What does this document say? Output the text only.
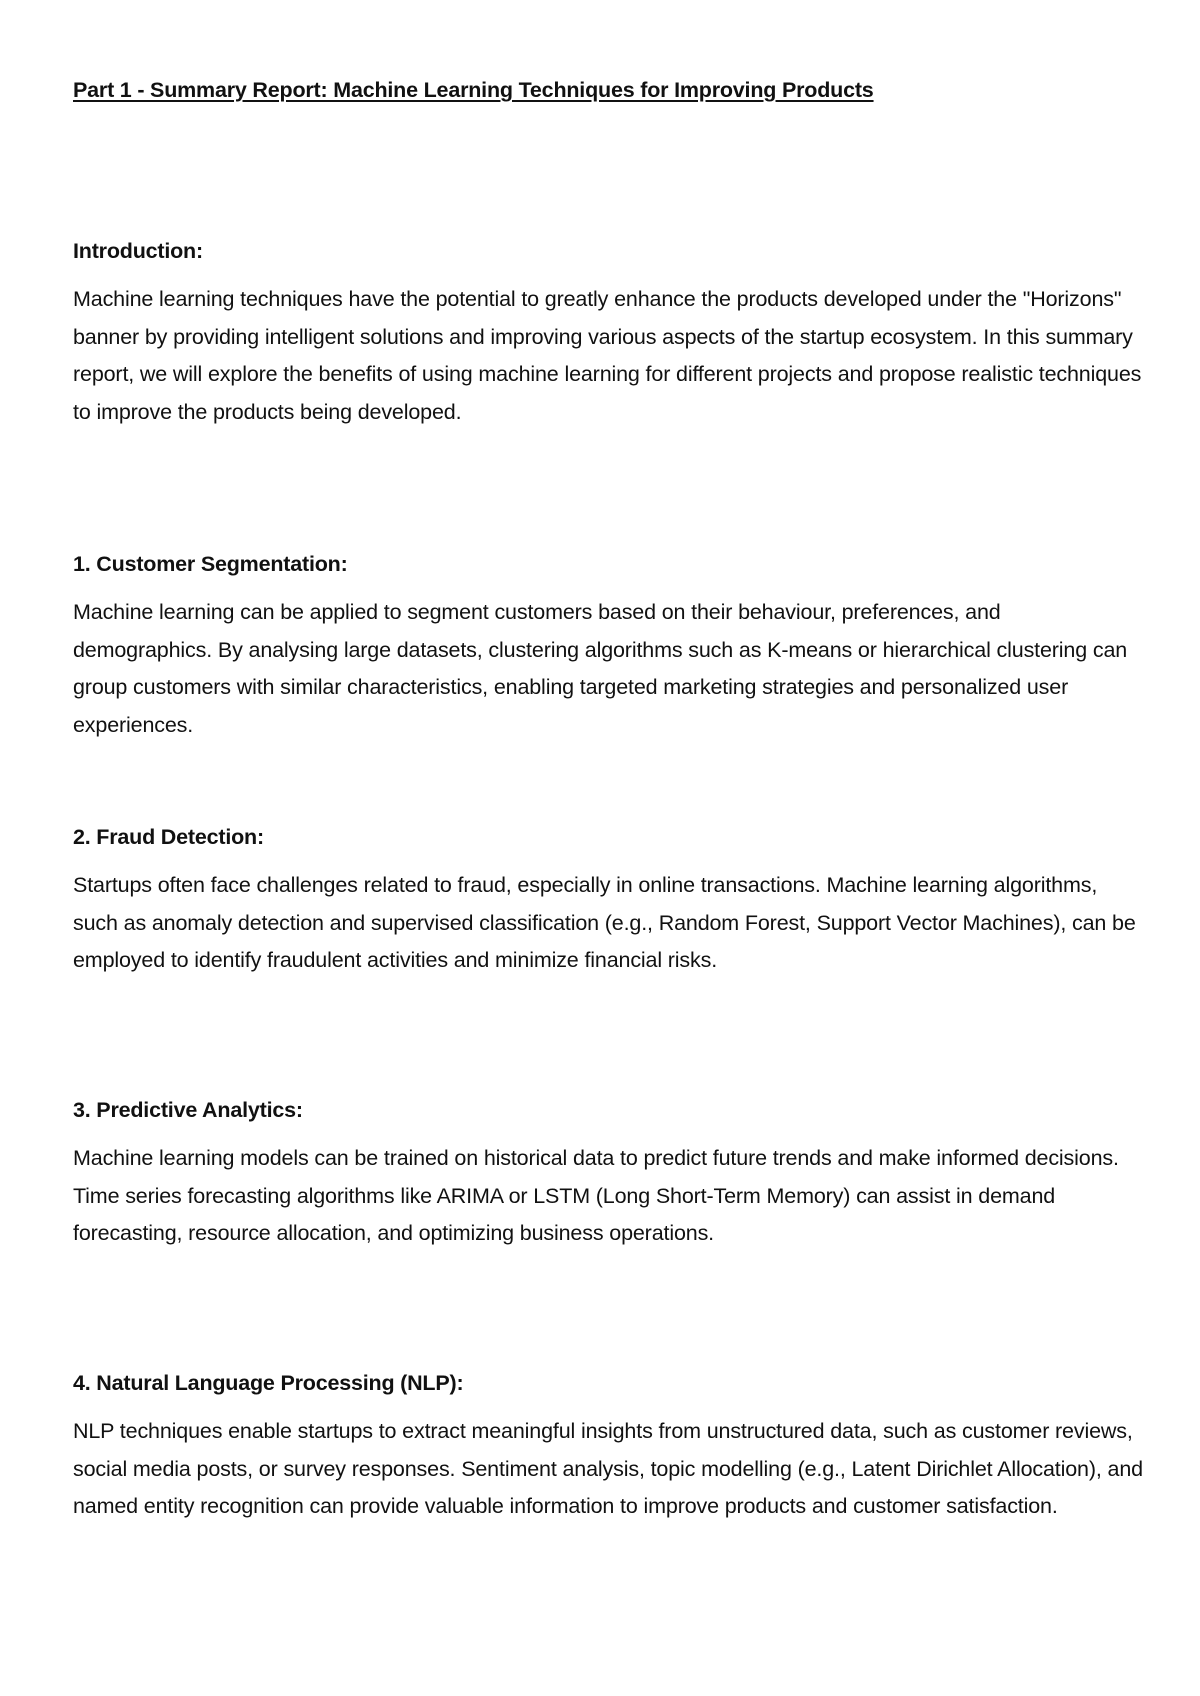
Part 1 - Summary Report: Machine Learning Techniques for Improving Products
Introduction:

Machine learning techniques have the potential to greatly enhance the products developed under the "Horizons" banner by providing intelligent solutions and improving various aspects of the startup ecosystem. In this summary report, we will explore the benefits of using machine learning for different projects and propose realistic techniques to improve the products being developed.

1. Customer Segmentation:

Machine learning can be applied to segment customers based on their behaviour, preferences, and demographics. By analysing large datasets, clustering algorithms such as K-means or hierarchical clustering can group customers with similar characteristics, enabling targeted marketing strategies and personalized user experiences.

2. Fraud Detection:

Startups often face challenges related to fraud, especially in online transactions. Machine learning algorithms, such as anomaly detection and supervised classification (e.g., Random Forest, Support Vector Machines), can be employed to identify fraudulent activities and minimize financial risks.

3. Predictive Analytics:

Machine learning models can be trained on historical data to predict future trends and make informed decisions. Time series forecasting algorithms like ARIMA or LSTM (Long Short-Term Memory) can assist in demand forecasting, resource allocation, and optimizing business operations.

4. Natural Language Processing (NLP):

NLP techniques enable startups to extract meaningful insights from unstructured data, such as customer reviews, social media posts, or survey responses. Sentiment analysis, topic modelling (e.g., Latent Dirichlet Allocation), and named entity recognition can provide valuable information to improve products and customer satisfaction.
